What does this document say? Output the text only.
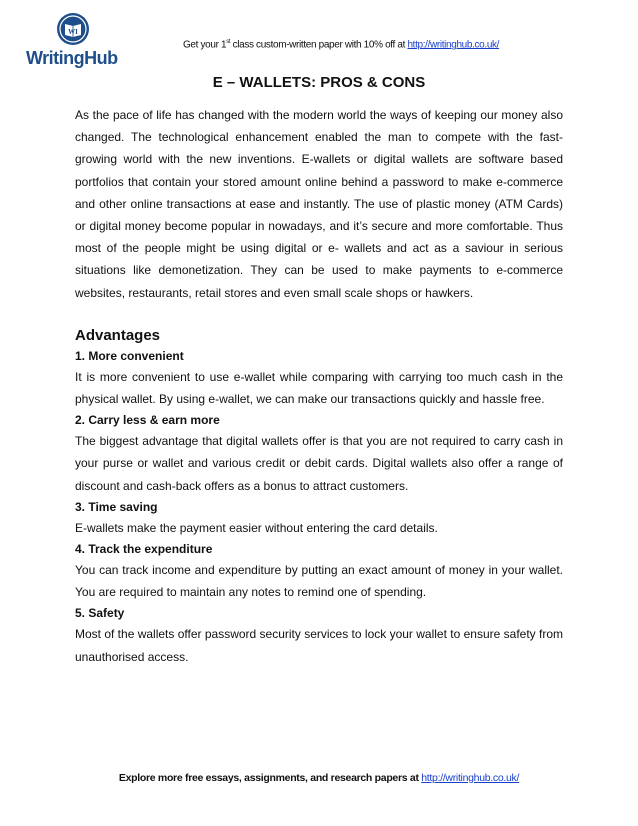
WI
WritingHub
Get your 1st class custom-written paper with 10% off at http://writinghub.co.uk/
E – WALLETS: PROS & CONS

As the pace of life has changed with the modern world the ways of keeping our money also changed. The technological enhancement enabled the man to compete with the fast-growing world with the new inventions. E-wallets or digital wallets are software based portfolios that contain your stored amount online behind a password to make e-commerce and other online transactions at ease and instantly. The use of plastic money (ATM Cards) or digital money become popular in nowadays, and it’s secure and more comfortable. Thus most of the people might be using digital or e- wallets and act as a saviour in serious situations like demonetization. They can be used to make payments to e-commerce websites, restaurants, retail stores and even small scale shops or hawkers.

Advantages
1. More convenient

It is more convenient to use e-wallet while comparing with carrying too much cash in the physical wallet. By using e-wallet, we can make our transactions quickly and hassle free.

2. Carry less & earn more

The biggest advantage that digital wallets offer is that you are not required to carry cash in your purse or wallet and various credit or debit cards. Digital wallets also offer a range of discount and cash-back offers as a bonus to attract customers.

3. Time saving

E-wallets make the payment easier without entering the card details.

4. Track the expenditure

You can track income and expenditure by putting an exact amount of money in your wallet. You are required to maintain any notes to remind one of spending.

5. Safety

Most of the wallets offer password security services to lock your wallet to ensure safety from unauthorised access.

Explore more free essays, assignments, and research papers at http://writinghub.co.uk/
